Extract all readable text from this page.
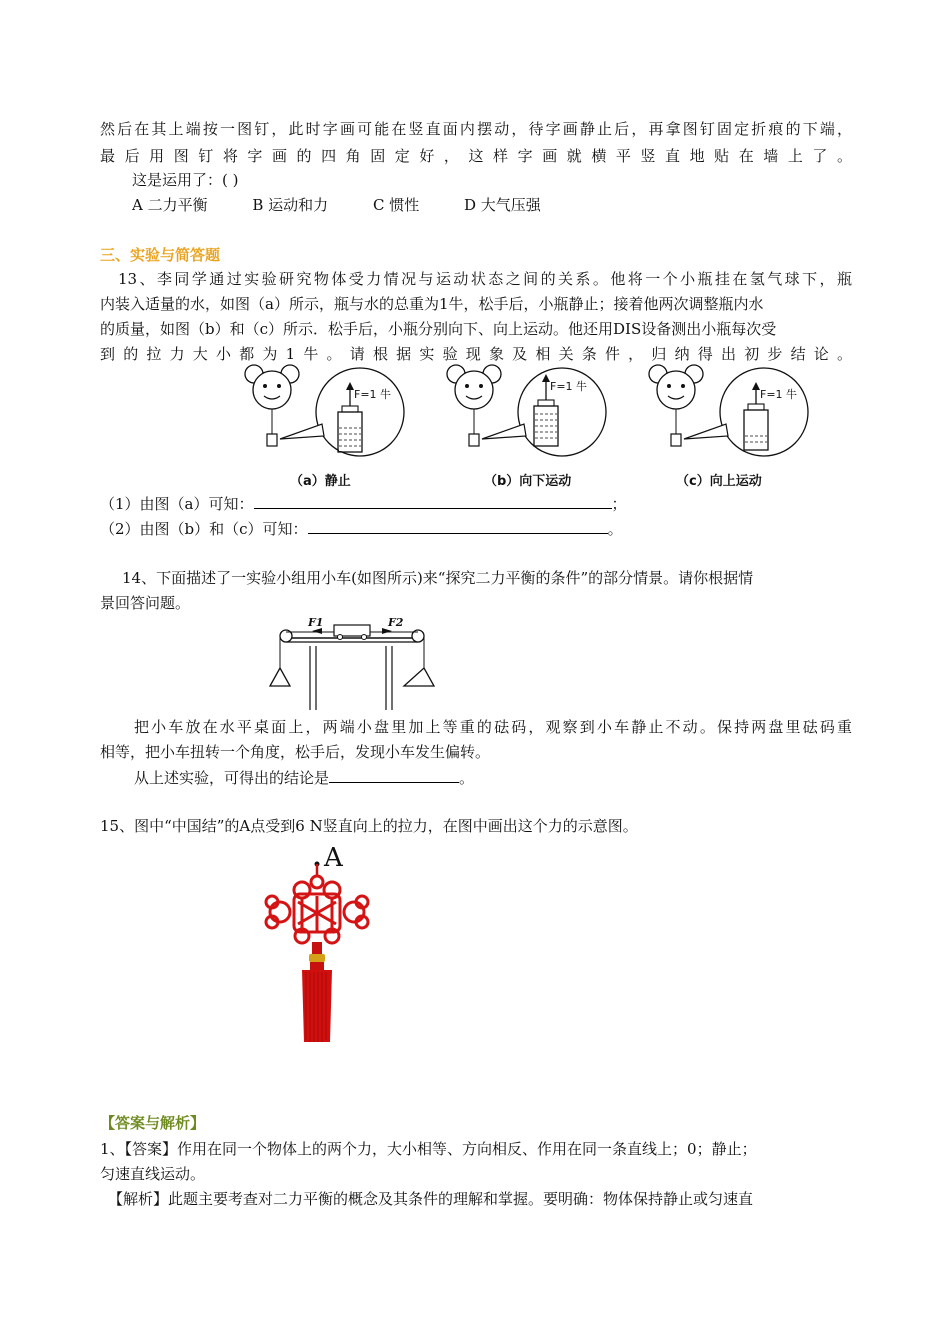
然后在其上端按一图钉，此时字画可能在竖直面内摆动，待字画静止后，再拿图钉固定折痕的下端，
最后用图钉将字画的四角固定好，这样字画就横平竖直地贴在墙上了。
这是运用了：( )
A 二力平衡	B 运动和力	C 惯性	D 大气压强
三、实验与简答题
13、李同学通过实验研究物体受力情况与运动状态之间的关系。他将一个小瓶挂在氢气球下，瓶
内装入适量的水，如图（a）所示，瓶与水的总重为1牛，松手后，小瓶静止；接着他两次调整瓶内水
的质量，如图（b）和（c）所示．松手后，小瓶分别向下、向上运动。他还用DIS设备测出小瓶每次受
到的拉力大小都为1牛。请根据实验现象及相关条件，归纳得出初步结论。
F=1 牛
（a）静止
F=1 牛
（b）向下运动
F=1 牛
（c）向上运动
（1）由图（a）可知：	；
（2）由图（b）和（c）可知：	。
14、下面描述了一实验小组用小车(如图所示)来“探究二力平衡的条件”的部分情景。请你根据情
景回答问题。
F1	F2
把小车放在水平桌面上，两端小盘里加上等重的砝码，观察到小车静止不动。保持两盘里砝码重
相等，把小车扭转一个角度，松手后，发现小车发生偏转。
从上述实验，可得出的结论是	。
15、图中“中国结”的A点受到6 N竖直向上的拉力，在图中画出这个力的示意图。
A
【答案与解析】
1、【答案】作用在同一个物体上的两个力，大小相等、方向相反、作用在同一条直线上；0；静止；
匀速直线运动。
【解析】此题主要考查对二力平衡的概念及其条件的理解和掌握。要明确：物体保持静止或匀速直
